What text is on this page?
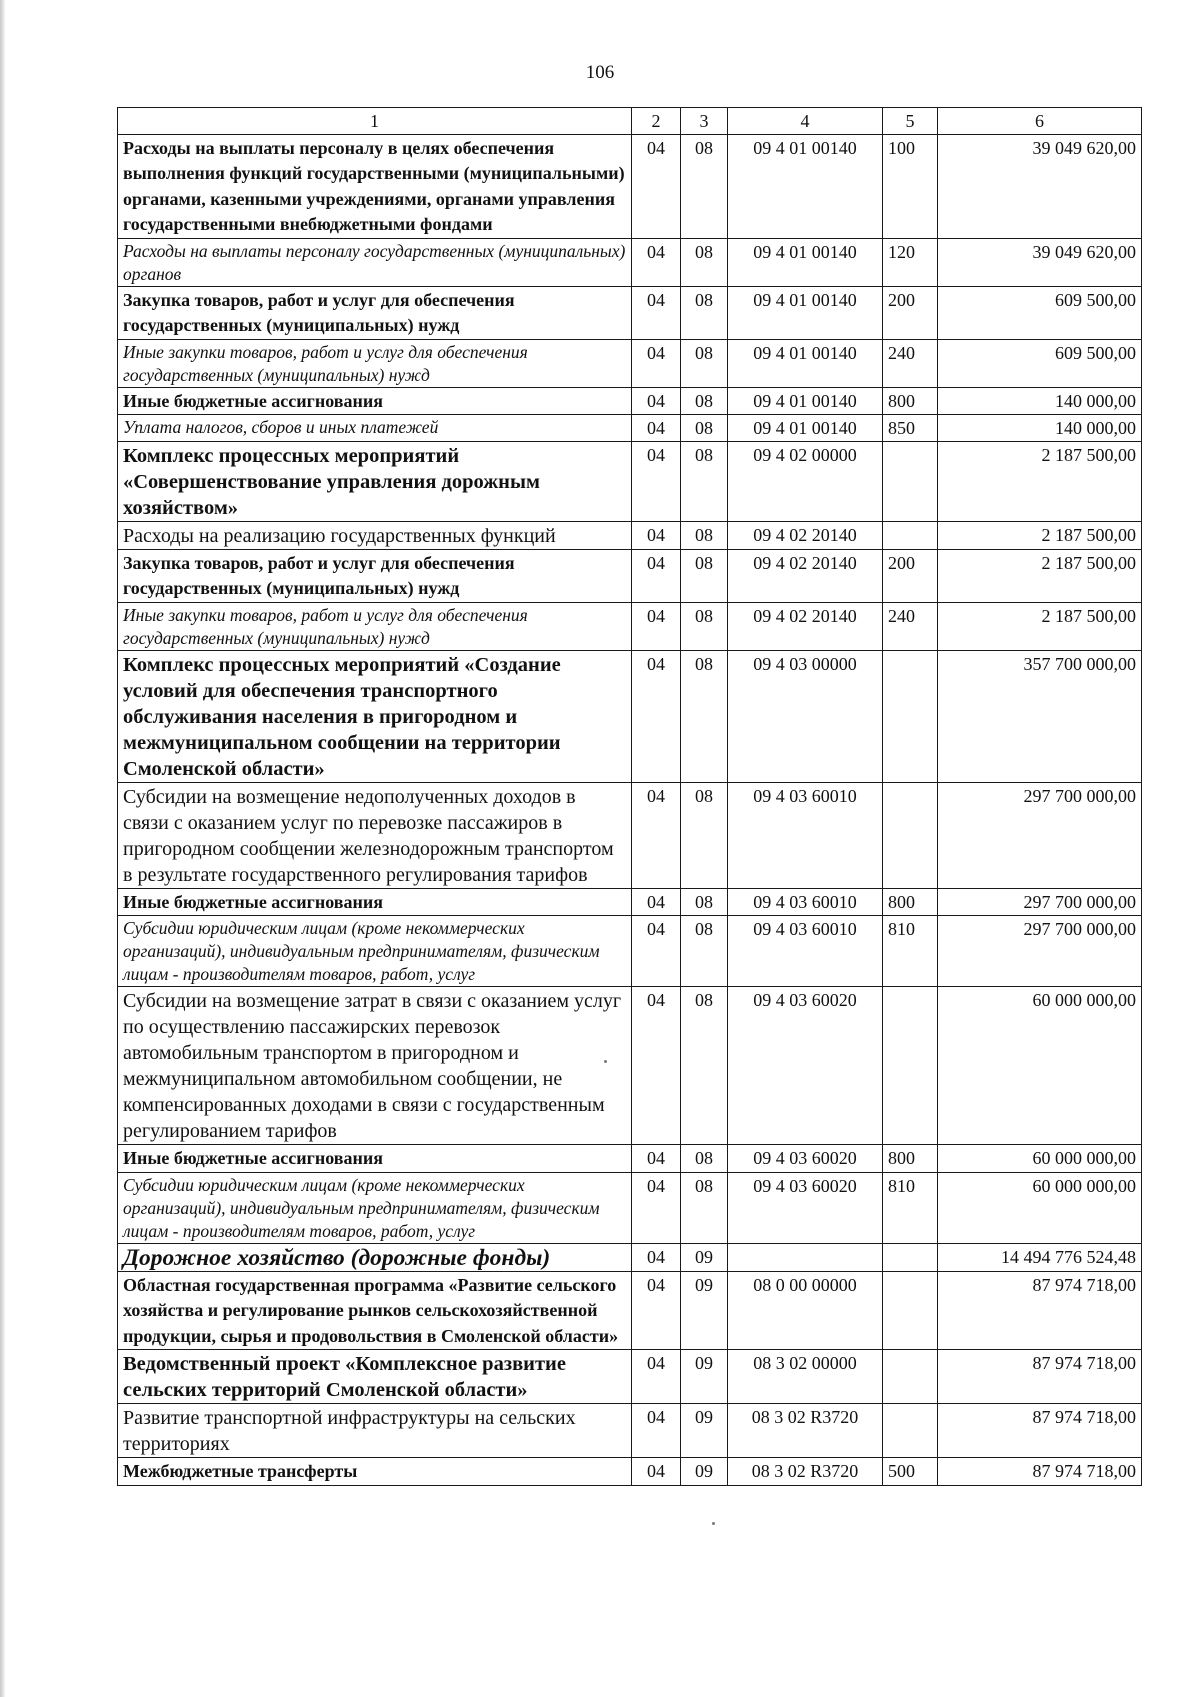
106
1	2	3	4	5	6
Расходы на выплаты персоналу в целях обеспечения выполнения функций государственными (муниципальными) органами, казенными учреждениями, органами управления государственными внебюджетными фондами	04	08	09 4 01 00140	100	39 049 620,00
Расходы на выплаты персоналу государственных (муниципальных) органов	04	08	09 4 01 00140	120	39 049 620,00
Закупка товаров, работ и услуг для обеспечения государственных (муниципальных) нужд	04	08	09 4 01 00140	200	609 500,00
Иные закупки товаров, работ и услуг для обеспечения государственных (муниципальных) нужд	04	08	09 4 01 00140	240	609 500,00
Иные бюджетные ассигнования	04	08	09 4 01 00140	800	140 000,00
Уплата налогов, сборов и иных платежей	04	08	09 4 01 00140	850	140 000,00
Комплекс процессных мероприятий «Совершенствование управления дорожным хозяйством»	04	08	09 4 02 00000		2 187 500,00
Расходы на реализацию государственных функций	04	08	09 4 02 20140		2 187 500,00
Закупка товаров, работ и услуг для обеспечения государственных (муниципальных) нужд	04	08	09 4 02 20140	200	2 187 500,00
Иные закупки товаров, работ и услуг для обеспечения государственных (муниципальных) нужд	04	08	09 4 02 20140	240	2 187 500,00
Комплекс процессных мероприятий «Создание условий для обеспечения транспортного обслуживания населения в пригородном и межмуниципальном сообщении на территории Смоленской области»	04	08	09 4 03 00000		357 700 000,00
Субсидии на возмещение недополученных доходов в связи с оказанием услуг по перевозке пассажиров в пригородном сообщении железнодорожным транспортом в результате государственного регулирования тарифов	04	08	09 4 03 60010		297 700 000,00
Иные бюджетные ассигнования	04	08	09 4 03 60010	800	297 700 000,00
Субсидии юридическим лицам (кроме некоммерческих организаций), индивидуальным предпринимателям, физическим лицам - производителям товаров, работ, услуг	04	08	09 4 03 60010	810	297 700 000,00
Субсидии на возмещение затрат в связи с оказанием услуг по осуществлению пассажирских перевозок автомобильным транспортом в пригородном и межмуниципальном автомобильном сообщении, не компенсированных доходами в связи с государственным регулированием тарифов	04	08	09 4 03 60020		60 000 000,00
Иные бюджетные ассигнования	04	08	09 4 03 60020	800	60 000 000,00
Субсидии юридическим лицам (кроме некоммерческих организаций), индивидуальным предпринимателям, физическим лицам - производителям товаров, работ, услуг	04	08	09 4 03 60020	810	60 000 000,00
Дорожное хозяйство (дорожные фонды)	04	09			14 494 776 524,48
Областная государственная программа «Развитие сельского хозяйства и регулирование рынков сельскохозяйственной продукции, сырья и продовольствия в Смоленской области»	04	09	08 0 00 00000		87 974 718,00
Ведомственный проект «Комплексное развитие сельских территорий Смоленской области»	04	09	08 3 02 00000		87 974 718,00
Развитие транспортной инфраструктуры на сельских территориях	04	09	08 3 02 R3720		87 974 718,00
Межбюджетные трансферты	04	09	08 3 02 R3720	500	87 974 718,00
